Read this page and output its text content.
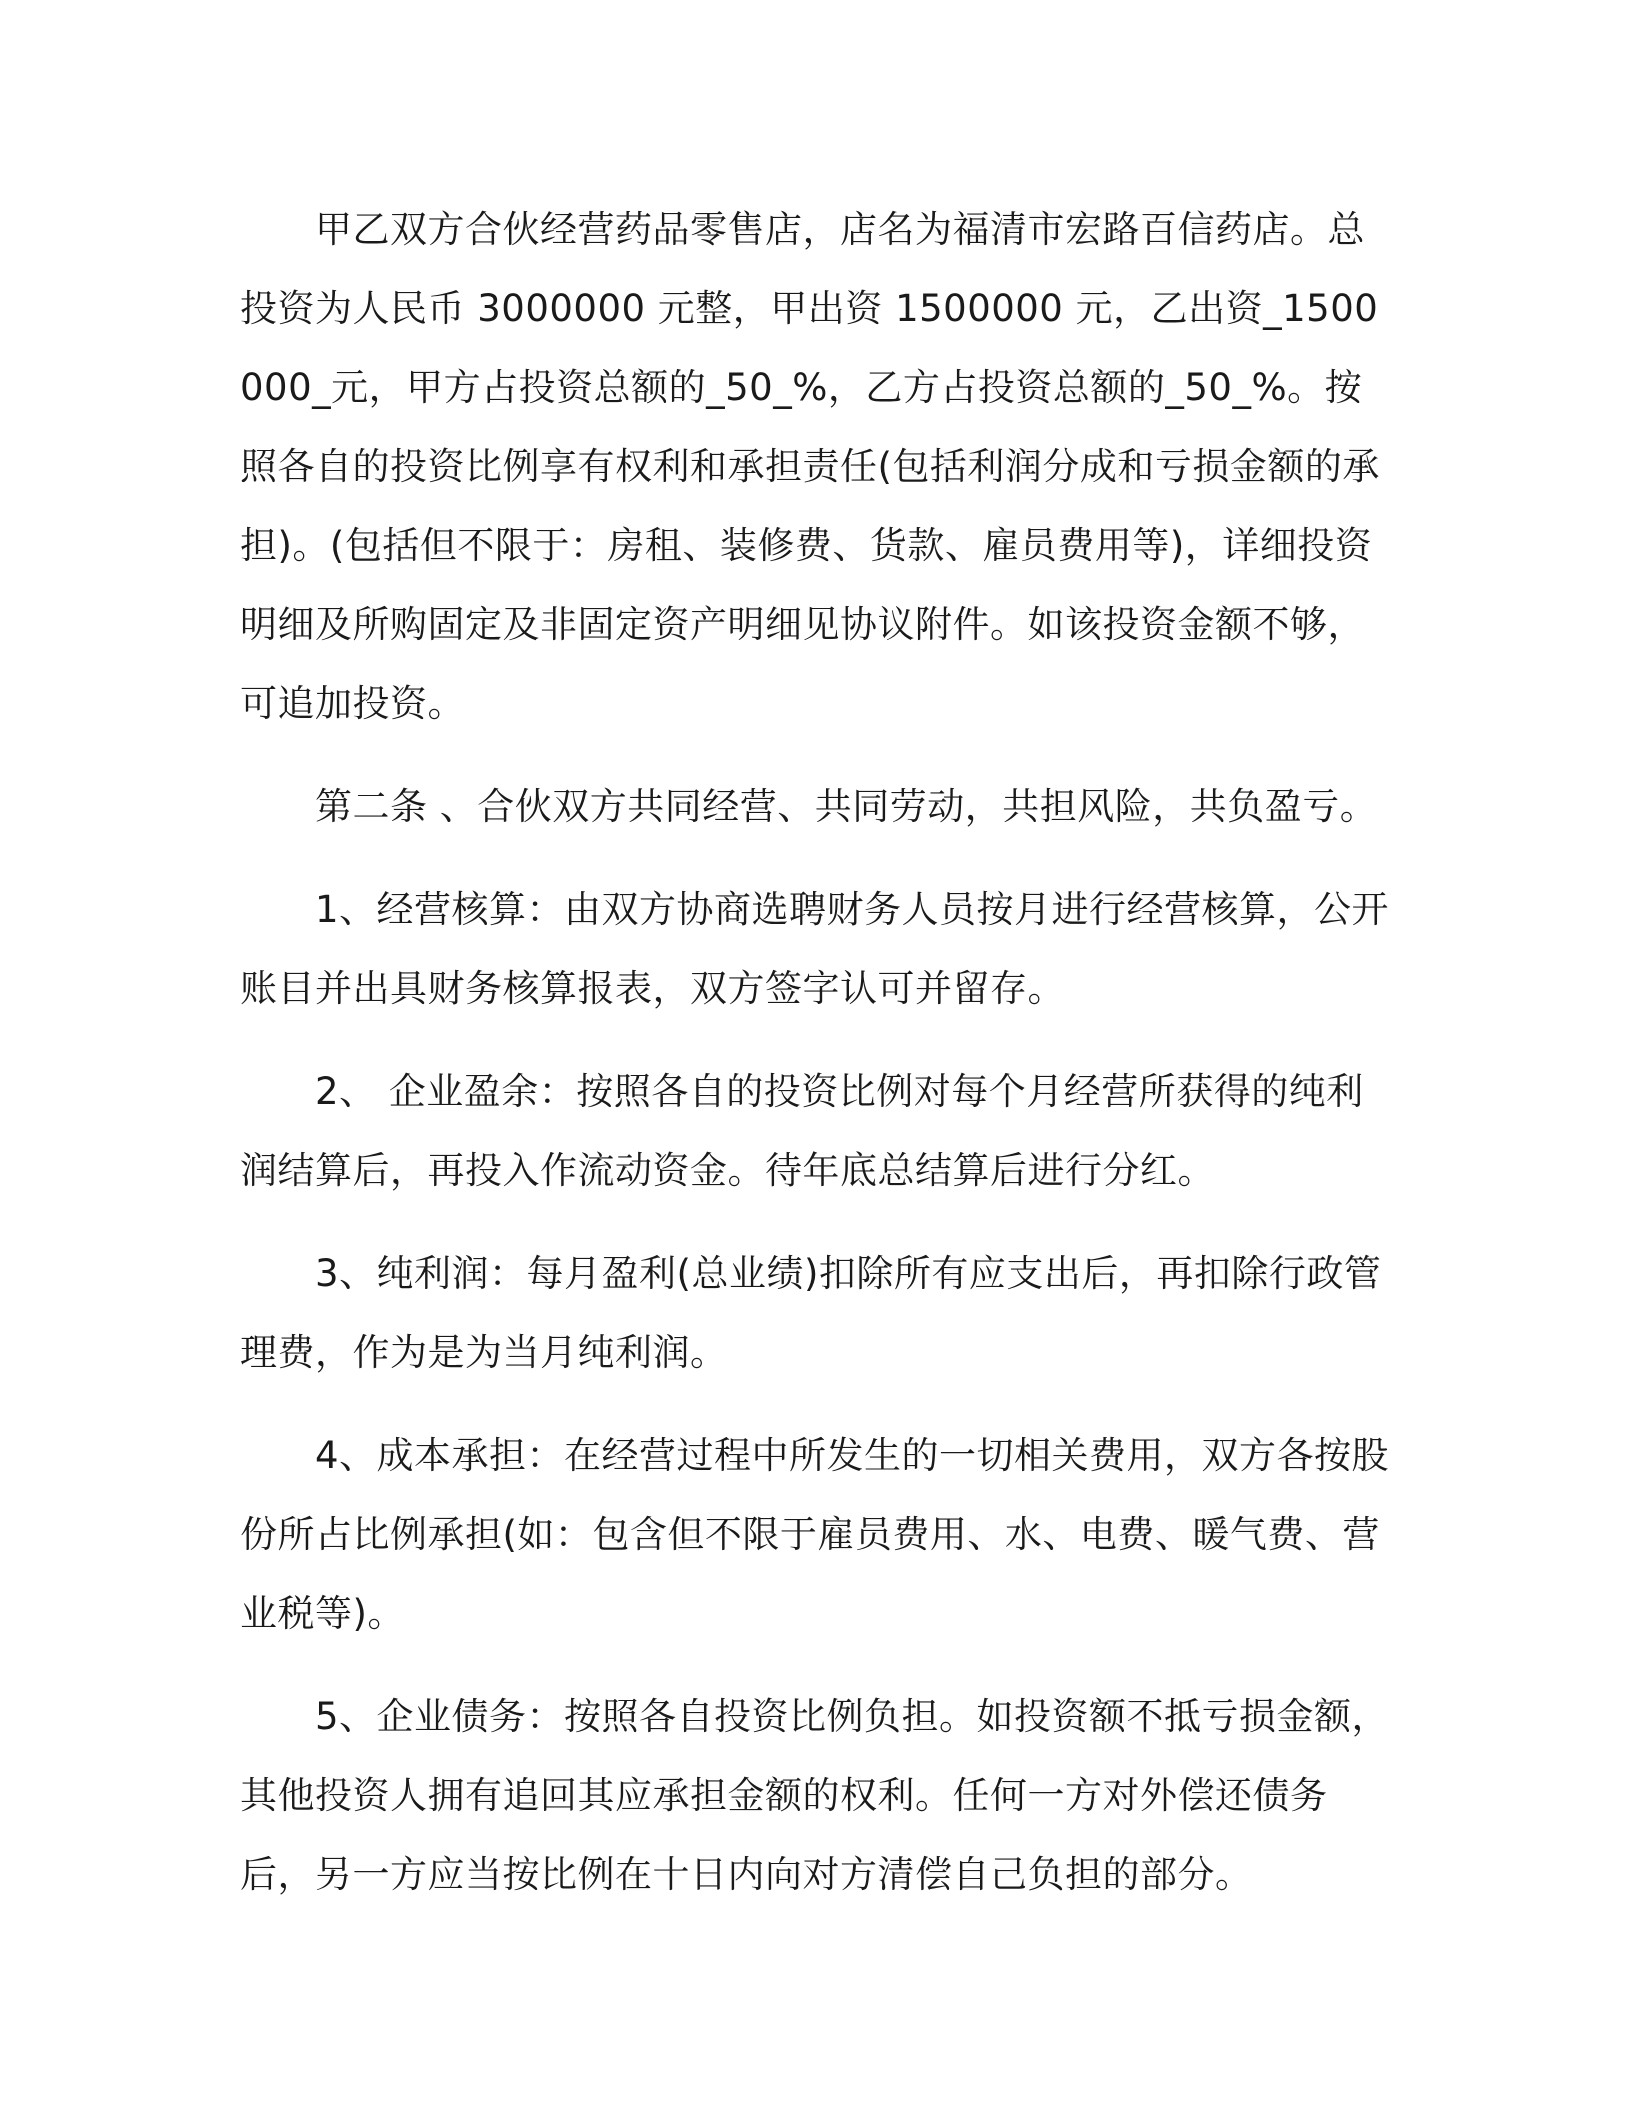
甲乙双方合伙经营药品零售店，店名为福清市宏路百信药店。总投资为人民币 3000000 元整，甲出资 1500000 元，乙出资_1500000_元，甲方占投资总额的_50_%，乙方占投资总额的_50_%。按照各自的投资比例享有权利和承担责任(包括利润分成和亏损金额的承担)。(包括但不限于：房租、装修费、货款、雇员费用等)，详细投资明细及所购固定及非固定资产明细见协议附件。如该投资金额不够，可追加投资。

第二条 、合伙双方共同经营、共同劳动，共担风险，共负盈亏。

1、经营核算：由双方协商选聘财务人员按月进行经营核算，公开账目并出具财务核算报表，双方签字认可并留存。

2、 企业盈余：按照各自的投资比例对每个月经营所获得的纯利润结算后，再投入作流动资金。待年底总结算后进行分红。

3、纯利润：每月盈利(总业绩)扣除所有应支出后，再扣除行政管理费，作为是为当月纯利润。

4、成本承担：在经营过程中所发生的一切相关费用，双方各按股份所占比例承担(如：包含但不限于雇员费用、水、电费、暖气费、营业税等)。

5、企业债务：按照各自投资比例负担。如投资额不抵亏损金额，其他投资人拥有追回其应承担金额的权利。任何一方对外偿还债务后，另一方应当按比例在十日内向对方清偿自己负担的部分。
